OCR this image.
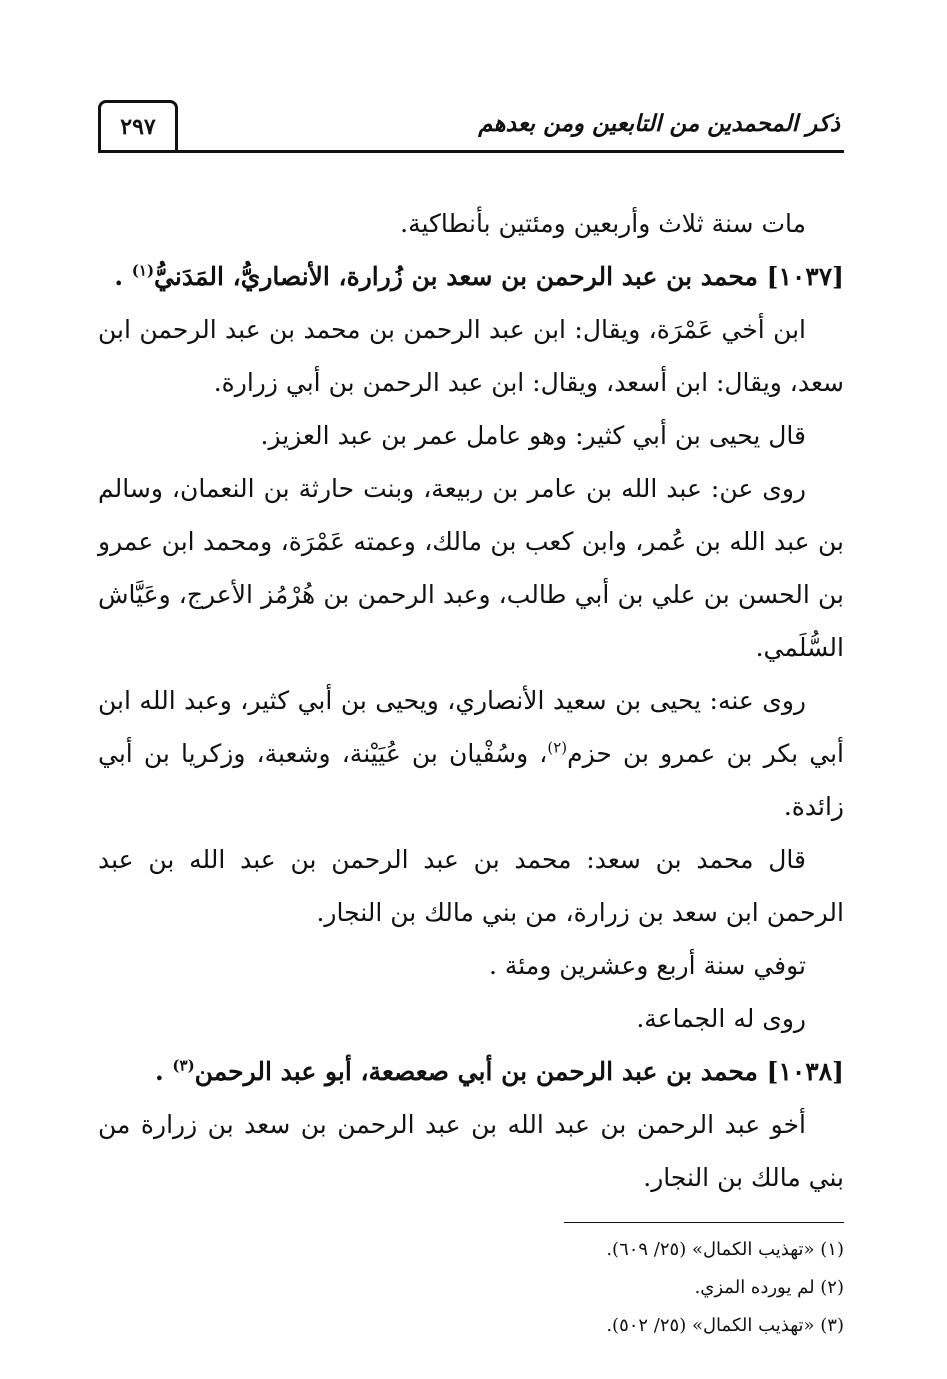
ذكر المحمدين من التابعين ومن بعدهم
٢٩٧

مات سنة ثلاث وأربعين ومئتين بأنطاكية.

[١٠٣٧] محمد بن عبد الرحمن بن سعد بن زُرارة، الأنصاريُّ، المَدَنيُّ$^{(١)}$ .

ابن أخي عَمْرَة، ويقال: ابن عبد الرحمن بن محمد بن عبد الرحمن ابن سعد، ويقال: ابن أسعد، ويقال: ابن عبد الرحمن بن أبي زرارة.

قال يحيى بن أبي كثير: وهو عامل عمر بن عبد العزيز.

روى عن: عبد الله بن عامر بن ربيعة، وبنت حارثة بن النعمان، وسالم بن عبد الله بن عُمر، وابن كعب بن مالك، وعمته عَمْرَة، ومحمد ابن عمرو بن الحسن بن علي بن أبي طالب، وعبد الرحمن بن هُرْمُز الأعرج، وعَيَّاش السُّلَمي.

روى عنه: يحيى بن سعيد الأنصاري، ويحيى بن أبي كثير، وعبد الله ابن أبي بكر بن عمرو بن حزم$^{(٢)}$، وسُفْيان بن عُيَيْنة، وشعبة، وزكريا بن أبي زائدة.

قال محمد بن سعد: محمد بن عبد الرحمن بن عبد الله بن عبد الرحمن ابن سعد بن زرارة، من بني مالك بن النجار.

توفي سنة أربع وعشرين ومئة .

روى له الجماعة.

[١٠٣٨] محمد بن عبد الرحمن بن أبي صعصعة، أبو عبد الرحمن$^{(٣)}$ .

أخو عبد الرحمن بن عبد الله بن عبد الرحمن بن سعد بن زرارة من بني مالك بن النجار.

(١) «تهذيب الكمال» (٢٥/ ٦٠٩).

(٢) لم يورده المزي.

(٣) «تهذيب الكمال» (٢٥/ ٥٠٢).
